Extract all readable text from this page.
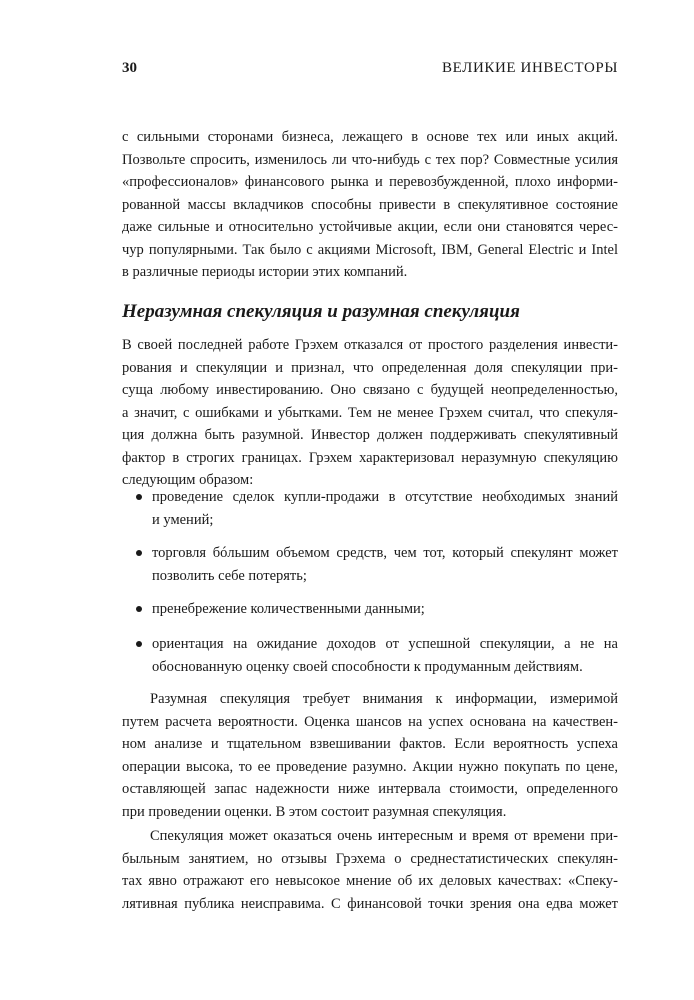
30	ВЕЛИКИЕ ИНВЕСТОРЫ
с сильными сторонами бизнеса, лежащего в основе тех или иных акций.
Позвольте спросить, изменилось ли что-нибудь с тех пор? Совместные усилия
«профессионалов» финансового рынка и перевозбужденной, плохо информи-
рованной массы вкладчиков способны привести в спекулятивное состояние
даже сильные и относительно устойчивые акции, если они становятся черес-
чур популярными. Так было с акциями Microsoft, IBM, General Electric и Intel
в различные периоды истории этих компаний.
Неразумная спекуляция и разумная спекуляция
В своей последней работе Грэхем отказался от простого разделения инвести-
рования и спекуляции и признал, что определенная доля спекуляции при-
суща любому инвестированию. Оно связано с будущей неопределенностью,
а значит, с ошибками и убытками. Тем не менее Грэхем считал, что спекуля-
ция должна быть разумной. Инвестор должен поддерживать спекулятивный
фактор в строгих границах. Грэхем характеризовал неразумную спекуляцию
следующим образом:
проведение сделок купли-продажи в отсутствие необходимых знаний
и умений;
торговля бóльшим объемом средств, чем тот, который спекулянт может
позволить себе потерять;
пренебрежение количественными данными;
ориентация на ожидание доходов от успешной спекуляции, а не на
обоснованную оценку своей способности к продуманным действиям.
Разумная спекуляция требует внимания к информации, измеримой
путем расчета вероятности. Оценка шансов на успех основана на качествен-
ном анализе и тщательном взвешивании фактов. Если вероятность успеха
операции высока, то ее проведение разумно. Акции нужно покупать по цене,
оставляющей запас надежности ниже интервала стоимости, определенного
при проведении оценки. В этом состоит разумная спекуляция.
Спекуляция может оказаться очень интересным и время от времени при-
быльным занятием, но отзывы Грэхема о среднестатистических спекулян-
тах явно отражают его невысокое мнение об их деловых качествах: «Спеку-
лятивная публика неисправима. С финансовой точки зрения она едва может
